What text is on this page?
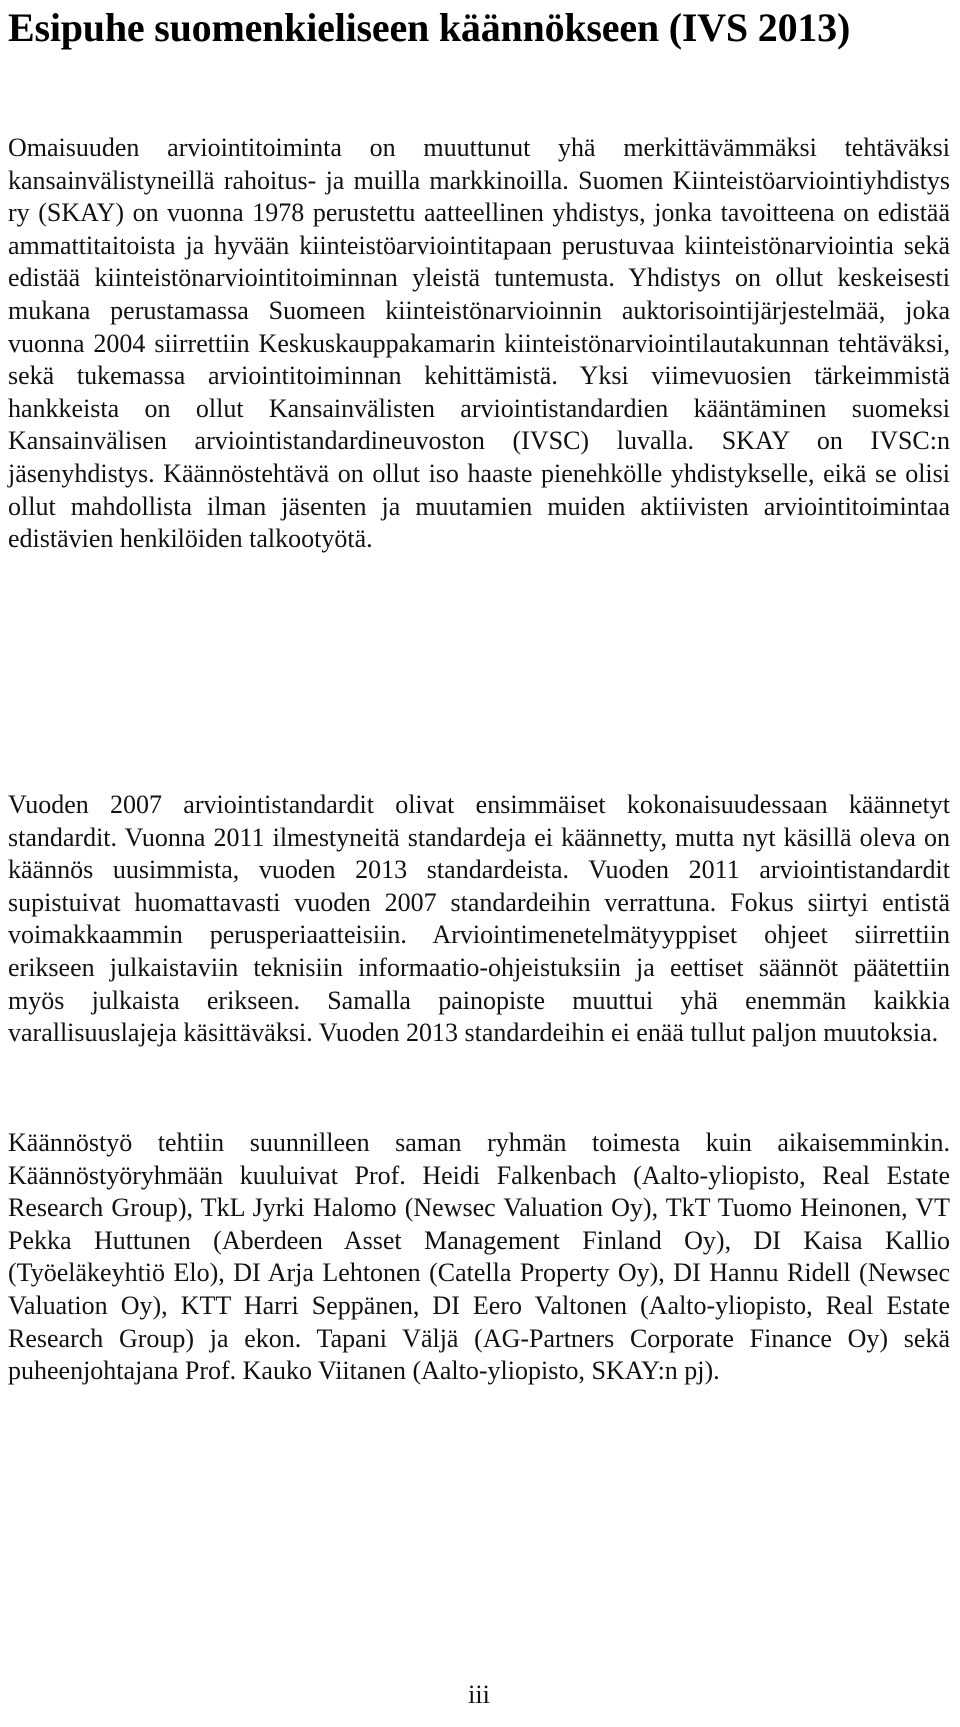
Esipuhe suomenkieliseen käännökseen (IVS 2013)

Omaisuuden arviointitoiminta on muuttunut yhä merkittävämmäksi tehtäväksi kansainvälistyneillä rahoitus- ja muilla markkinoilla. Suomen Kiinteistöarviointiyhdistys ry (SKAY) on vuonna 1978 perustettu aatteellinen yhdistys, jonka tavoitteena on edistää ammattitaitoista ja hyvään kiinteistöarviointitapaan perustuvaa kiinteistönarviointia sekä edistää kiinteistönarviointitoiminnan yleistä tuntemusta. Yhdistys on ollut keskeisesti mukana perustamassa Suomeen kiinteistönarvioinnin auktorisointijärjestelmää, joka vuonna 2004 siirrettiin Keskuskauppakamarin kiinteistönarviointilautakunnan tehtäväksi, sekä tukemassa arviointitoiminnan kehittämistä. Yksi viimevuosien tärkeimmistä hankkeista on ollut Kansainvälisten arviointistandardien kääntäminen suomeksi Kansainvälisen arviointistandardineuvoston (IVSC) luvalla. SKAY on IVSC:n jäsenyhdistys. Käännöstehtävä on ollut iso haaste pienehkölle yhdistykselle, eikä se olisi ollut mahdollista ilman jäsenten ja muutamien muiden aktiivisten arviointitoimintaa edistävien henkilöiden talkootyötä.

Vuoden 2007 arviointistandardit olivat ensimmäiset kokonaisuudessaan käännetyt standardit. Vuonna 2011 ilmestyneitä standardeja ei käännetty, mutta nyt käsillä oleva on käännös uusimmista, vuoden 2013 standardeista. Vuoden 2011 arviointistandardit supistuivat huomattavasti vuoden 2007 standardeihin verrattuna. Fokus siirtyi entistä voimakkaammin perusperiaatteisiin. Arviointimenetelmätyyppiset ohjeet siirrettiin erikseen julkaistaviin teknisiin informaatio-ohjeistuksiin ja eettiset säännöt päätettiin myös julkaista erikseen. Samalla painopiste muuttui yhä enemmän kaikkia varallisuuslajeja käsittäväksi. Vuoden 2013 standardeihin ei enää tullut paljon muutoksia.

Käännöstyö tehtiin suunnilleen saman ryhmän toimesta kuin aikaisemminkin. Käännöstyöryhmään kuuluivat Prof. Heidi Falkenbach (Aalto-yliopisto, Real Estate Research Group), TkL Jyrki Halomo (Newsec Valuation Oy), TkT Tuomo Heinonen, VT Pekka Huttunen (Aberdeen Asset Management Finland Oy), DI Kaisa Kallio (Työeläkeyhtiö Elo), DI Arja Lehtonen (Catella Property Oy), DI Hannu Ridell (Newsec Valuation Oy), KTT Harri Seppänen, DI Eero Valtonen (Aalto-yliopisto, Real Estate Research Group) ja ekon. Tapani Väljä (AG-Partners Corporate Finance Oy) sekä puheenjohtajana Prof. Kauko Viitanen (Aalto-yliopisto, SKAY:n pj).

iii
